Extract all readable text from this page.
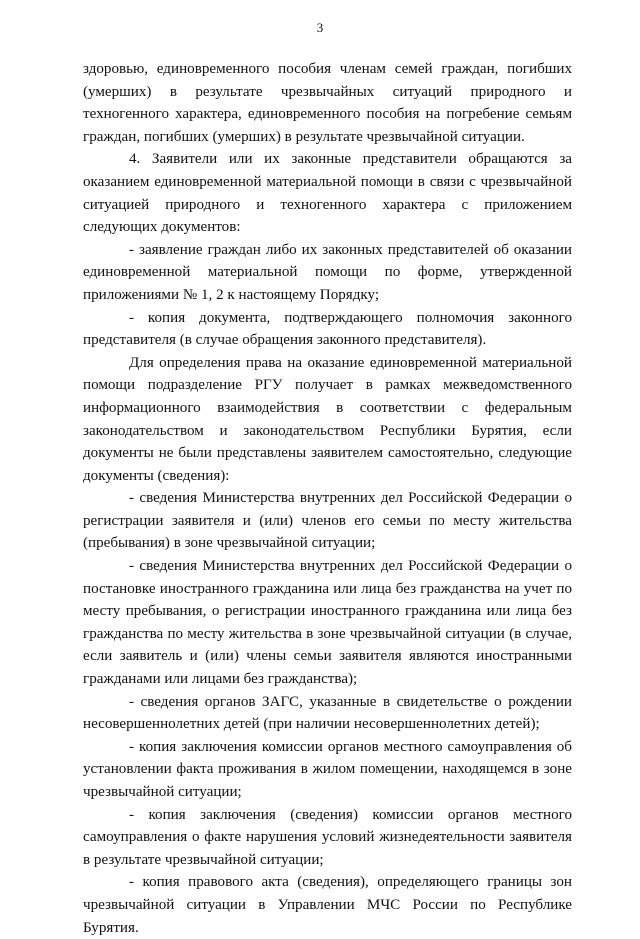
3

здоровью, единовременного пособия членам семей граждан, погибших (умерших) в результате чрезвычайных ситуаций природного и техногенного характера, единовременного пособия на погребение семьям граждан, погибших (умерших) в результате чрезвычайной ситуации.

4. Заявители или их законные представители обращаются за оказанием единовременной материальной помощи в связи с чрезвычайной ситуацией природного и техногенного характера с приложением следующих документов:

- заявление граждан либо их законных представителей об оказании единовременной материальной помощи по форме, утвержденной приложениями № 1, 2 к настоящему Порядку;

- копия документа, подтверждающего полномочия законного представителя (в случае обращения законного представителя).

Для определения права на оказание единовременной материальной помощи подразделение РГУ получает в рамках межведомственного информационного взаимодействия в соответствии с федеральным законодательством и законодательством Республики Бурятия, если документы не были представлены заявителем самостоятельно, следующие документы (сведения):

- сведения Министерства внутренних дел Российской Федерации о регистрации заявителя и (или) членов его семьи по месту жительства (пребывания) в зоне чрезвычайной ситуации;

- сведения Министерства внутренних дел Российской Федерации о постановке иностранного гражданина или лица без гражданства на учет по месту пребывания, о регистрации иностранного гражданина или лица без гражданства по месту жительства в зоне чрезвычайной ситуации (в случае, если заявитель и (или) члены семьи заявителя являются иностранными гражданами или лицами без гражданства);

- сведения органов ЗАГС, указанные в свидетельстве о рождении несовершеннолетних детей (при наличии несовершеннолетних детей);

- копия заключения комиссии органов местного самоуправления об установлении факта проживания в жилом помещении, находящемся в зоне чрезвычайной ситуации;

- копия заключения (сведения) комиссии органов местного самоуправления о факте нарушения условий жизнедеятельности заявителя в результате чрезвычайной ситуации;

- копия правового акта (сведения), определяющего границы зон чрезвычайной ситуации в Управлении МЧС России по Республике Бурятия.
